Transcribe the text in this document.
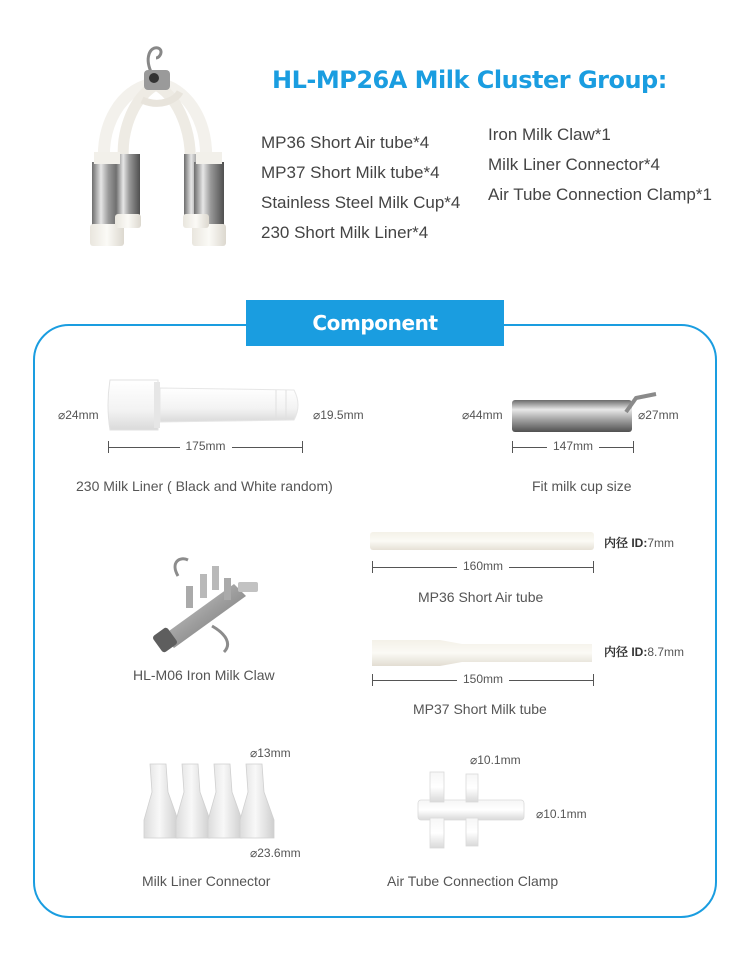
HL-MP26A Milk Cluster Group:
MP36 Short Air tube*4
MP37 Short Milk tube*4
Stainless Steel Milk Cup*4
230 Short Milk Liner*4
Iron Milk Claw*1
Milk Liner Connector*4
Air Tube Connection Clamp*1
Component Parameters
⌀24mm	⌀19.5mm
175mm
230 Milk Liner ( Black and White random)
⌀44mm	⌀27mm
147mm
Fit milk cup size
内径 ID:7mm
160mm
MP36 Short Air tube
HL-M06 Iron Milk Claw
内径 ID:8.7mm
150mm
MP37 Short Milk tube
⌀13mm
⌀23.6mm
Milk Liner Connector
⌀10.1mm
⌀10.1mm
Air Tube Connection Clamp
